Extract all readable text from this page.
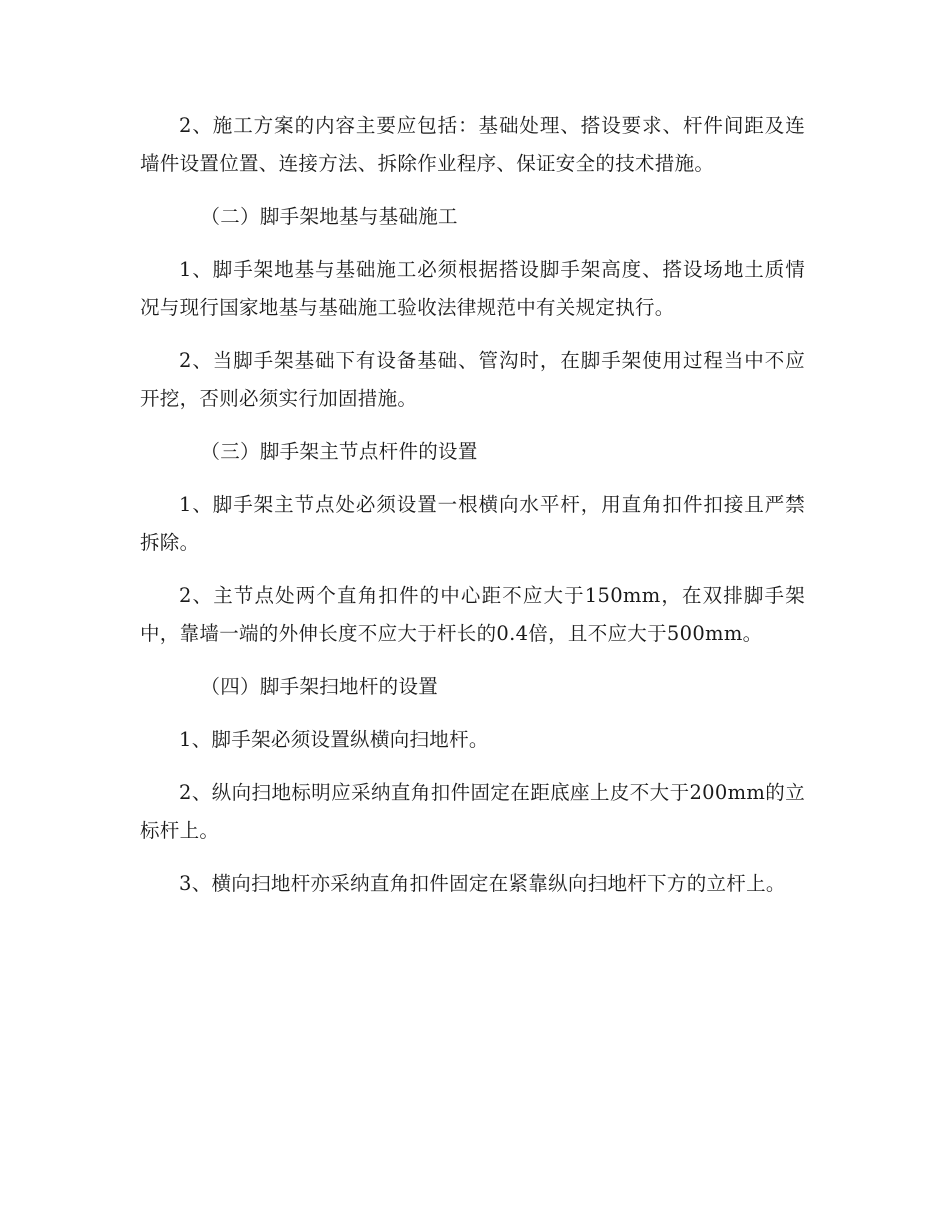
2、施工方案的内容主要应包括：基础处理、搭设要求、杆件间距及连墙件设置位置、连接方法、拆除作业程序、保证安全的技术措施。

（二）脚手架地基与基础施工

1、脚手架地基与基础施工必须根据搭设脚手架高度、搭设场地土质情况与现行国家地基与基础施工验收法律规范中有关规定执行。

2、当脚手架基础下有设备基础、管沟时，在脚手架使用过程当中不应开挖，否则必须实行加固措施。

（三）脚手架主节点杆件的设置

1、脚手架主节点处必须设置一根横向水平杆，用直角扣件扣接且严禁拆除。

2、主节点处两个直角扣件的中心距不应大于150mm，在双排脚手架中，靠墙一端的外伸长度不应大于杆长的0.4倍，且不应大于500mm。

（四）脚手架扫地杆的设置

1、脚手架必须设置纵横向扫地杆。

2、纵向扫地标明应采纳直角扣件固定在距底座上皮不大于200mm的立标杆上。

3、横向扫地杆亦采纳直角扣件固定在紧靠纵向扫地杆下方的立杆上。
